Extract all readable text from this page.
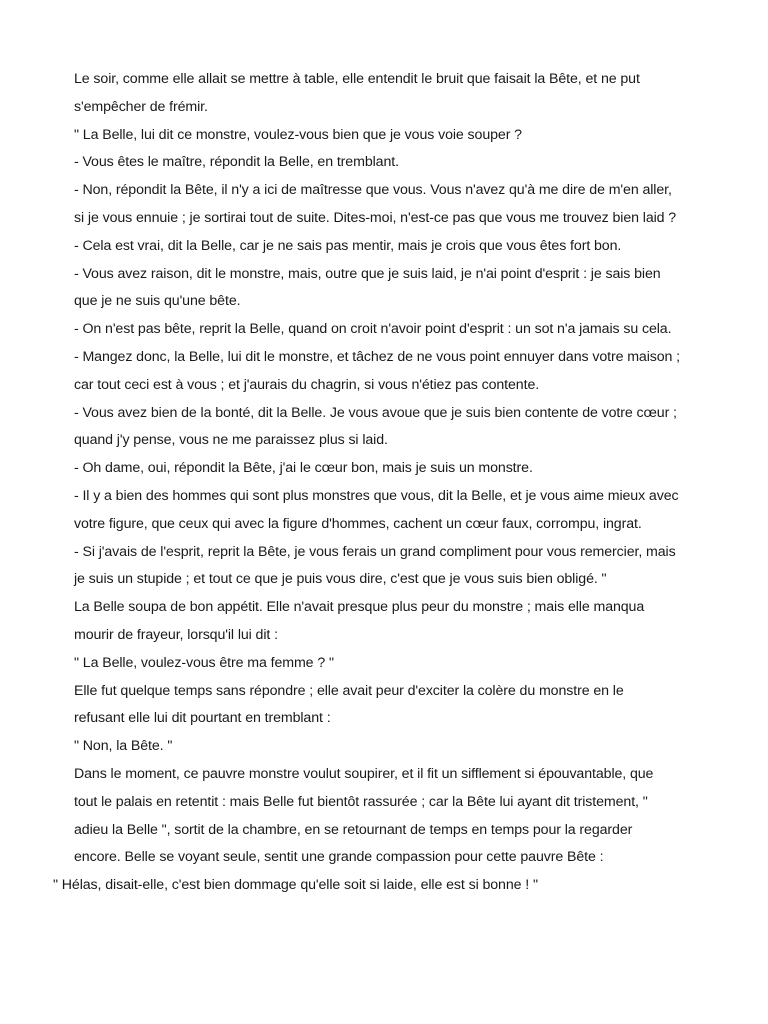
Le soir, comme elle allait se mettre à table, elle entendit le bruit que faisait la Bête, et ne put
s'empêcher de frémir.
" La Belle, lui dit ce monstre, voulez-vous bien que je vous voie souper ?
- Vous êtes le maître, répondit la Belle, en tremblant.
- Non, répondit la Bête, il n'y a ici de maîtresse que vous. Vous n'avez qu'à me dire de m'en aller,
si je vous ennuie ; je sortirai tout de suite. Dites-moi, n'est-ce pas que vous me trouvez bien laid ?
- Cela est vrai, dit la Belle, car je ne sais pas mentir, mais je crois que vous êtes fort bon.
- Vous avez raison, dit le monstre, mais, outre que je suis laid, je n'ai point d'esprit : je sais bien
que je ne suis qu'une bête.
- On n'est pas bête, reprit la Belle, quand on croit n'avoir point d'esprit : un sot n'a jamais su cela.
- Mangez donc, la Belle, lui dit le monstre, et tâchez de ne vous point ennuyer dans votre maison ;
car tout ceci est à vous ; et j'aurais du chagrin, si vous n'étiez pas contente.
- Vous avez bien de la bonté, dit la Belle. Je vous avoue que je suis bien contente de votre cœur ;
quand j'y pense, vous ne me paraissez plus si laid.
- Oh dame, oui, répondit la Bête, j'ai le cœur bon, mais je suis un monstre.
- Il y a bien des hommes qui sont plus monstres que vous, dit la Belle, et je vous aime mieux avec
votre figure, que ceux qui avec la figure d'hommes, cachent un cœur faux, corrompu, ingrat.
- Si j'avais de l'esprit, reprit la Bête, je vous ferais un grand compliment pour vous remercier, mais
je suis un stupide ; et tout ce que je puis vous dire, c'est que je vous suis bien obligé. "
La Belle soupa de bon appétit. Elle n'avait presque plus peur du monstre ; mais elle manqua
mourir de frayeur, lorsqu'il lui dit :
" La Belle, voulez-vous être ma femme ? "
Elle fut quelque temps sans répondre ; elle avait peur d'exciter la colère du monstre en le
refusant elle lui dit pourtant en tremblant :
" Non, la Bête. "
Dans le moment, ce pauvre monstre voulut soupirer, et il fit un sifflement si épouvantable, que
tout le palais en retentit : mais Belle fut bientôt rassurée ; car la Bête lui ayant dit tristement, "
adieu la Belle ", sortit de la chambre, en se retournant de temps en temps pour la regarder
encore. Belle se voyant seule, sentit une grande compassion pour cette pauvre Bête :
" Hélas, disait-elle, c'est bien dommage qu'elle soit si laide, elle est si bonne ! "
